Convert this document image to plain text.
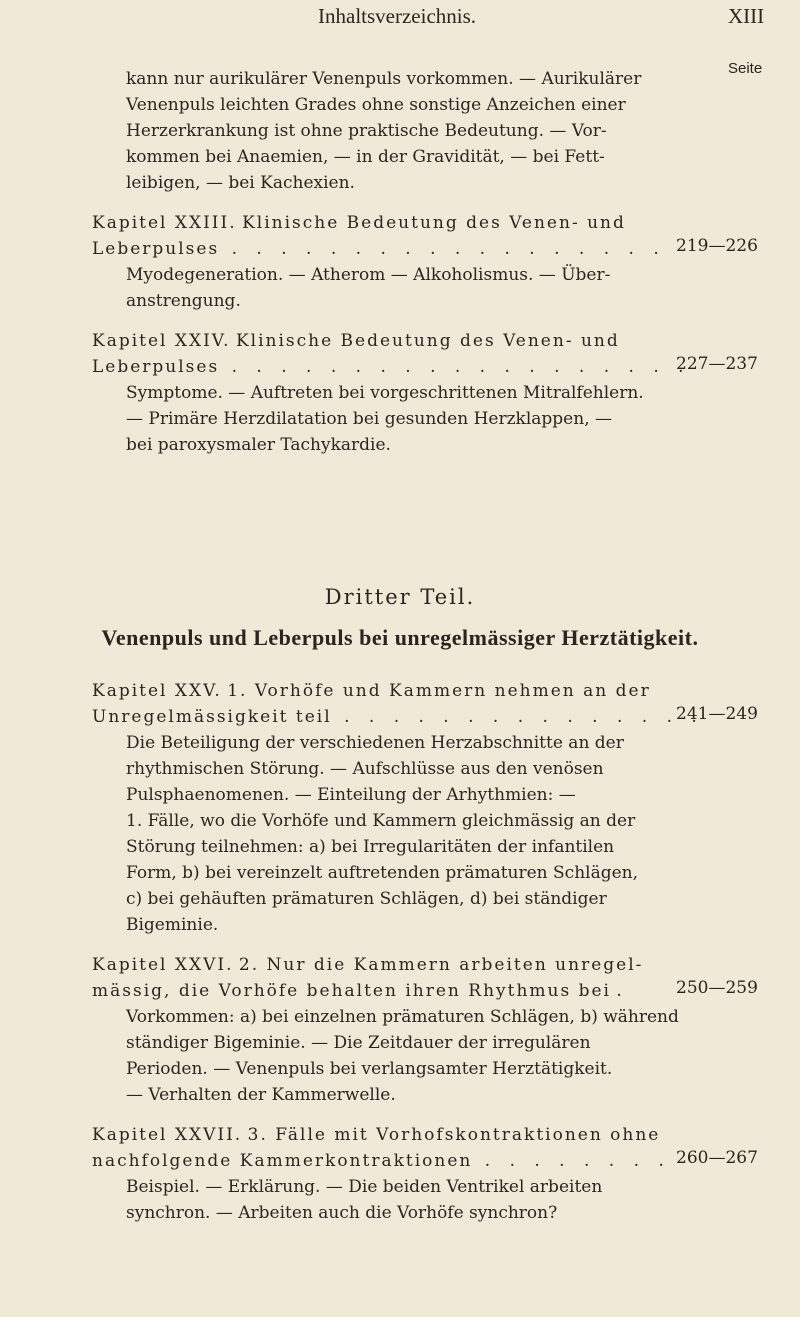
Inhaltsverzeichnis.	XIII
Seite
kann nur aurikulärer Venenpuls vorkommen. — Aurikulärer
Venenpuls leichten Grades ohne sonstige Anzeichen einer
Herzerkrankung ist ohne praktische Bedeutung. — Vor-
kommen bei Anaemien, — in der Gravidität, — bei Fett-
leibigen, — bei Kachexien.
Kapitel XXIII. Klinische Bedeutung des Venen- und
Leberpulses . . . . . . . . . . . . . . . . . . 219—226
Myodegeneration. — Atherom — Alkoholismus. — Über-
anstrengung.
Kapitel XXIV. Klinische Bedeutung des Venen- und
Leberpulses . . . . . . . . . . . . . . . . . . .
227—237
Symptome. — Auftreten bei vorgeschrittenen Mitralfehlern.
— Primäre Herzdilatation bei gesunden Herzklappen, —
bei paroxysmaler Tachykardie.
Dritter Teil.
Venenpuls und Leberpuls bei unregelmässiger Herztätigkeit.
Kapitel XXV. 1. Vorhöfe und Kammern nehmen an der
Unregelmässigkeit teil . . . . . . . . . . . . . . .
241—249
Die Beteiligung der verschiedenen Herzabschnitte an der
rhythmischen Störung. — Aufschlüsse aus den venösen
Pulsphaenomenen. — Einteilung der Arhythmien: —
1. Fälle, wo die Vorhöfe und Kammern gleichmässig an der
Störung teilnehmen: a) bei Irregularitäten der infantilen
Form, b) bei vereinzelt auftretenden prämaturen Schlägen,
c) bei gehäuften prämaturen Schlägen, d) bei ständiger
Bigeminie.
Kapitel XXVI. 2. Nur die Kammern arbeiten unregel-
mässig, die Vorhöfe behalten ihren Rhythmus bei .	250—259
Vorkommen: a) bei einzelnen prämaturen Schlägen, b) während
ständiger Bigeminie. — Die Zeitdauer der irregulären
Perioden. — Venenpuls bei verlangsamter Herztätigkeit.
— Verhalten der Kammerwelle.
Kapitel XXVII. 3. Fälle mit Vorhofskontraktionen ohne
nachfolgende Kammerkontraktionen . . . . . . . . 260—267
Beispiel. — Erklärung. — Die beiden Ventrikel arbeiten
synchron. — Arbeiten auch die Vorhöfe synchron?
